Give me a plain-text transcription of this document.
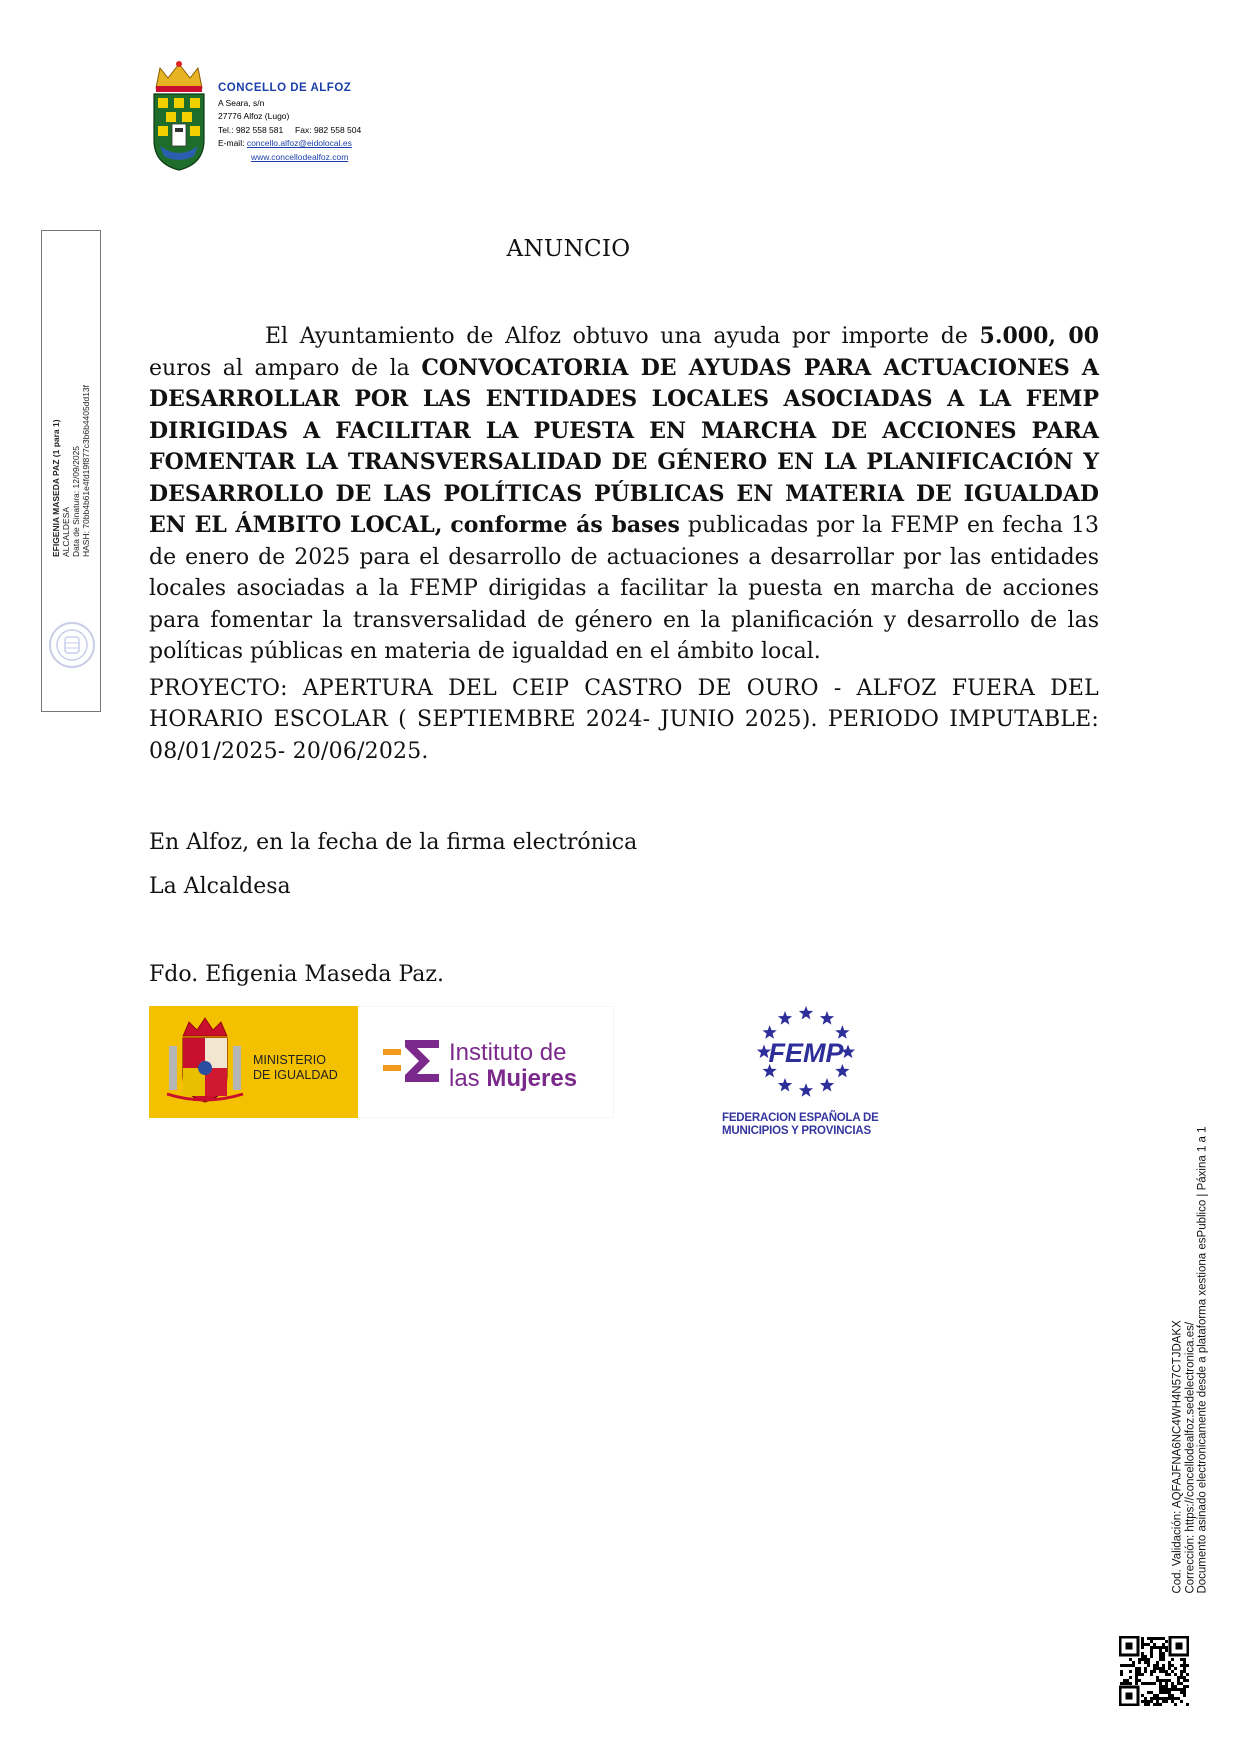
CONCELLO DE ALFOZ
A Seara, s/n
27776 Alfoz (Lugo)
Tel.: 982 558 581 Fax: 982 558 504
E-mail: concello.alfoz@eidolocal.es

www.concellodealfoz.com
EFIGENIA MASEDA PAZ (1 para 1) ALCALDESA Data de Sinatura: 12/09/2025 HASH: 70bb4b61e4fd19f877c3b6b4405dd13f
ANUNCIO

El Ayuntamiento de Alfoz obtuvo una ayuda por importe de 5.000, 00 euros al amparo de la CONVOCATORIA DE AYUDAS PARA ACTUACIONES A DESARROLLAR POR LAS ENTIDADES LOCALES ASOCIADAS A LA FEMP DIRIGIDAS A FACILITAR LA PUESTA EN MARCHA DE ACCIONES PARA FOMENTAR LA TRANSVERSALIDAD DE GÉNERO EN LA PLANIFICACIÓN Y DESARROLLO DE LAS POLÍTICAS PÚBLICAS EN MATERIA DE IGUALDAD EN EL ÁMBITO LOCAL, conforme ás bases publicadas por la FEMP en fecha 13 de enero de 2025 para el desarrollo de actuaciones a desarrollar por las entidades locales asociadas a la FEMP dirigidas a facilitar la puesta en marcha de acciones para fomentar la transversalidad de género en la planificación y desarrollo de las políticas públicas en materia de igualdad en el ámbito local.

PROYECTO: APERTURA DEL CEIP CASTRO DE OURO - ALFOZ FUERA DEL HORARIO ESCOLAR ( SEPTIEMBRE 2024- JUNIO 2025). PERIODO IMPUTABLE: 08/01/2025- 20/06/2025.

En Alfoz, en la fecha de la firma electrónica
La Alcaldesa
Fdo. Efigenia Maseda Paz.
MINISTERIO
DE IGUALDAD
Instituto de
las Mujeres
FEMP
FEDERACION ESPAÑOLA DE
MUNICIPIOS Y PROVINCIAS
Cod. Validación: AQFAJFNA6NC4WH4N57CTJDAKX Corrección: https://concellodealfoz.sedelectronica.es/ Documento asinado electronicamente desde a plataforma xestiona esPublico | Páxina 1 a 1
